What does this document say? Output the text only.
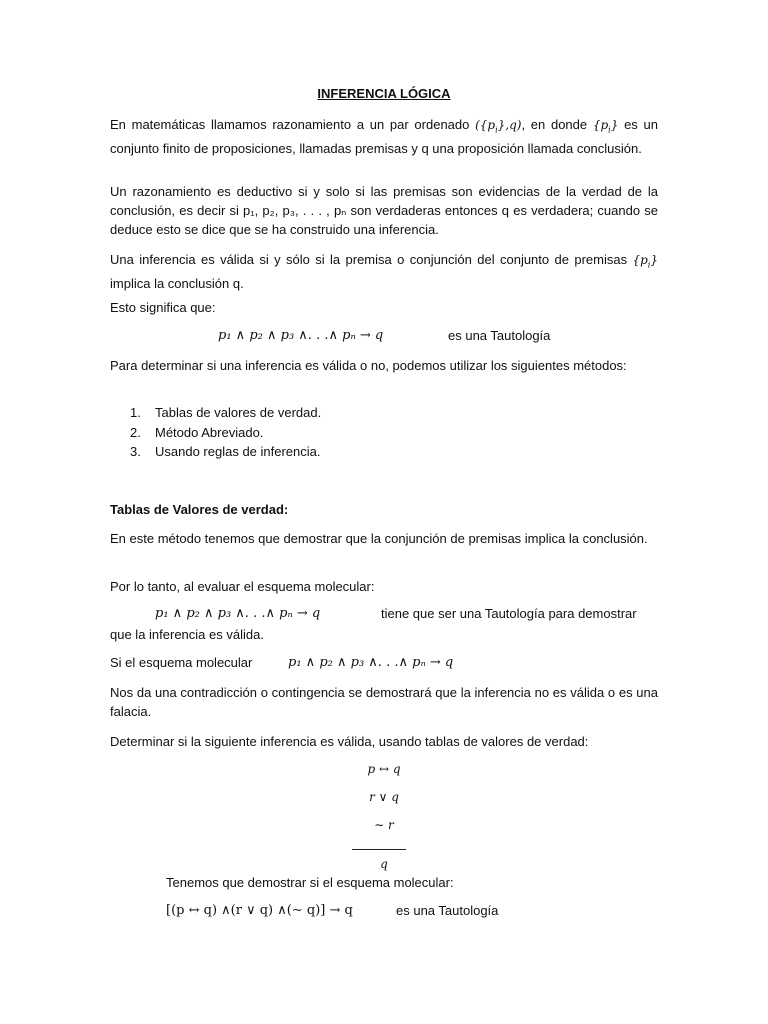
INFERENCIA LÓGICA
En matemáticas llamamos razonamiento a un par ordenado $(\{p_i\},q)$, en donde $\{p_i\}$ es un conjunto finito de proposiciones, llamadas premisas y q una proposición llamada conclusión.
Un razonamiento es deductivo si y solo si las premisas son evidencias de la verdad de la conclusión, es decir si p₁, p₂, p₃, . . . , pₙ son verdaderas entonces q es verdadera; cuando se deduce esto se dice que se ha construido una inferencia.
Una inferencia es válida si y sólo si la premisa o conjunción del conjunto de premisas $\{p_i\}$ implica la conclusión q.
Esto significa que:
p₁ ∧ p₂ ∧ p₃ ∧. . .∧ pₙ → q	es una Tautología
Para determinar si una inferencia es válida o no, podemos utilizar los siguientes métodos:
1. Tablas de valores de verdad.
2. Método Abreviado.
3. Usando reglas de inferencia.
Tablas de Valores de verdad:
En este método tenemos que demostrar que la conjunción de premisas implica la conclusión.
Por lo tanto, al evaluar el esquema molecular:
p₁ ∧ p₂ ∧ p₃ ∧. . .∧ pₙ → q	tiene que ser una Tautología para demostrar
que la inferencia es válida.
Si el esquema molecular	p₁ ∧ p₂ ∧ p₃ ∧. . .∧ pₙ → q
Nos da una contradicción o contingencia se demostrará que la inferencia no es válida o es una falacia.
Determinar si la siguiente inferencia es válida, usando tablas de valores de verdad:
p ↔ q
r ∨ q
∼ r
q
Tenemos que demostrar si el esquema molecular:
[(p ↔ q) ∧(r ∨ q) ∧(∼ q)] → q	es una Tautología
